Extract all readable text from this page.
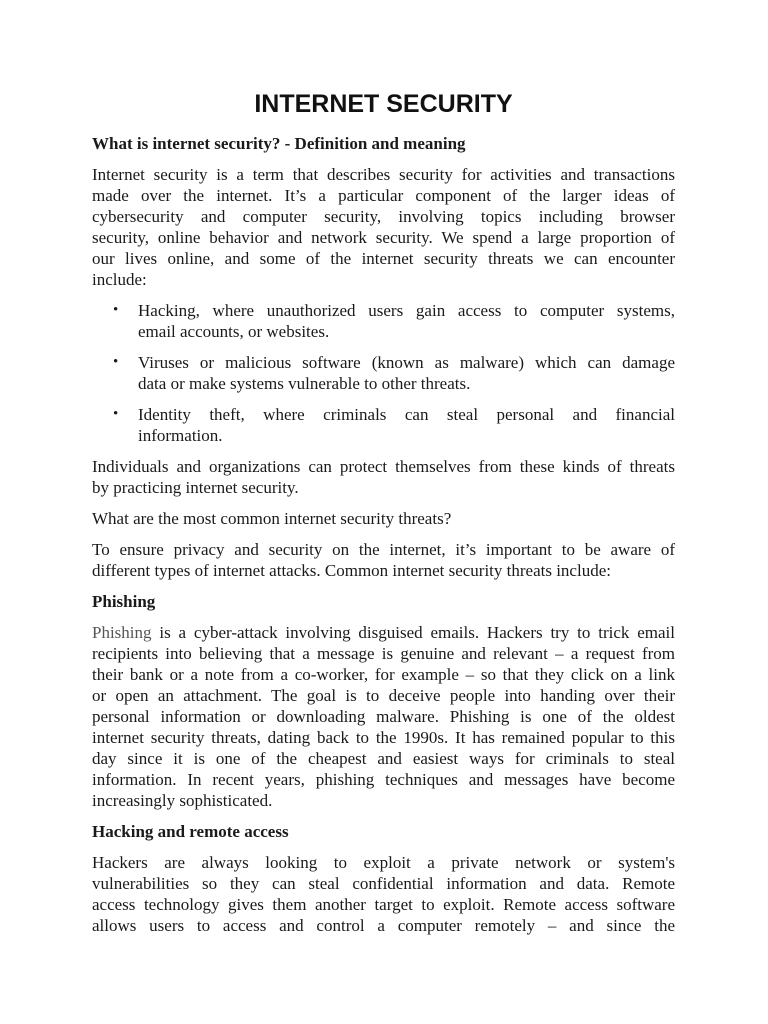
INTERNET SECURITY
What is internet security? - Definition and meaning
Internet security is a term that describes security for activities and transactions
made over the internet. It’s a particular component of the larger ideas of
cybersecurity and computer security, involving topics including browser
security, online behavior and network security. We spend a large proportion of
our lives online, and some of the internet security threats we can encounter
include:
• Hacking, where unauthorized users gain access to computer systems,
email accounts, or websites.
• Viruses or malicious software (known as malware) which can damage
data or make systems vulnerable to other threats.
• Identity theft, where criminals can steal personal and financial
information.
Individuals and organizations can protect themselves from these kinds of threats
by practicing internet security.
What are the most common internet security threats?
To ensure privacy and security on the internet, it’s important to be aware of
different types of internet attacks. Common internet security threats include:
Phishing
Phishing is a cyber-attack involving disguised emails. Hackers try to trick email
recipients into believing that a message is genuine and relevant – a request from
their bank or a note from a co-worker, for example – so that they click on a link
or open an attachment. The goal is to deceive people into handing over their
personal information or downloading malware. Phishing is one of the oldest
internet security threats, dating back to the 1990s. It has remained popular to this
day since it is one of the cheapest and easiest ways for criminals to steal
information. In recent years, phishing techniques and messages have become
increasingly sophisticated.
Hacking and remote access
Hackers are always looking to exploit a private network or system's
vulnerabilities so they can steal confidential information and data. Remote
access technology gives them another target to exploit. Remote access software
allows users to access and control a computer remotely – and since the
